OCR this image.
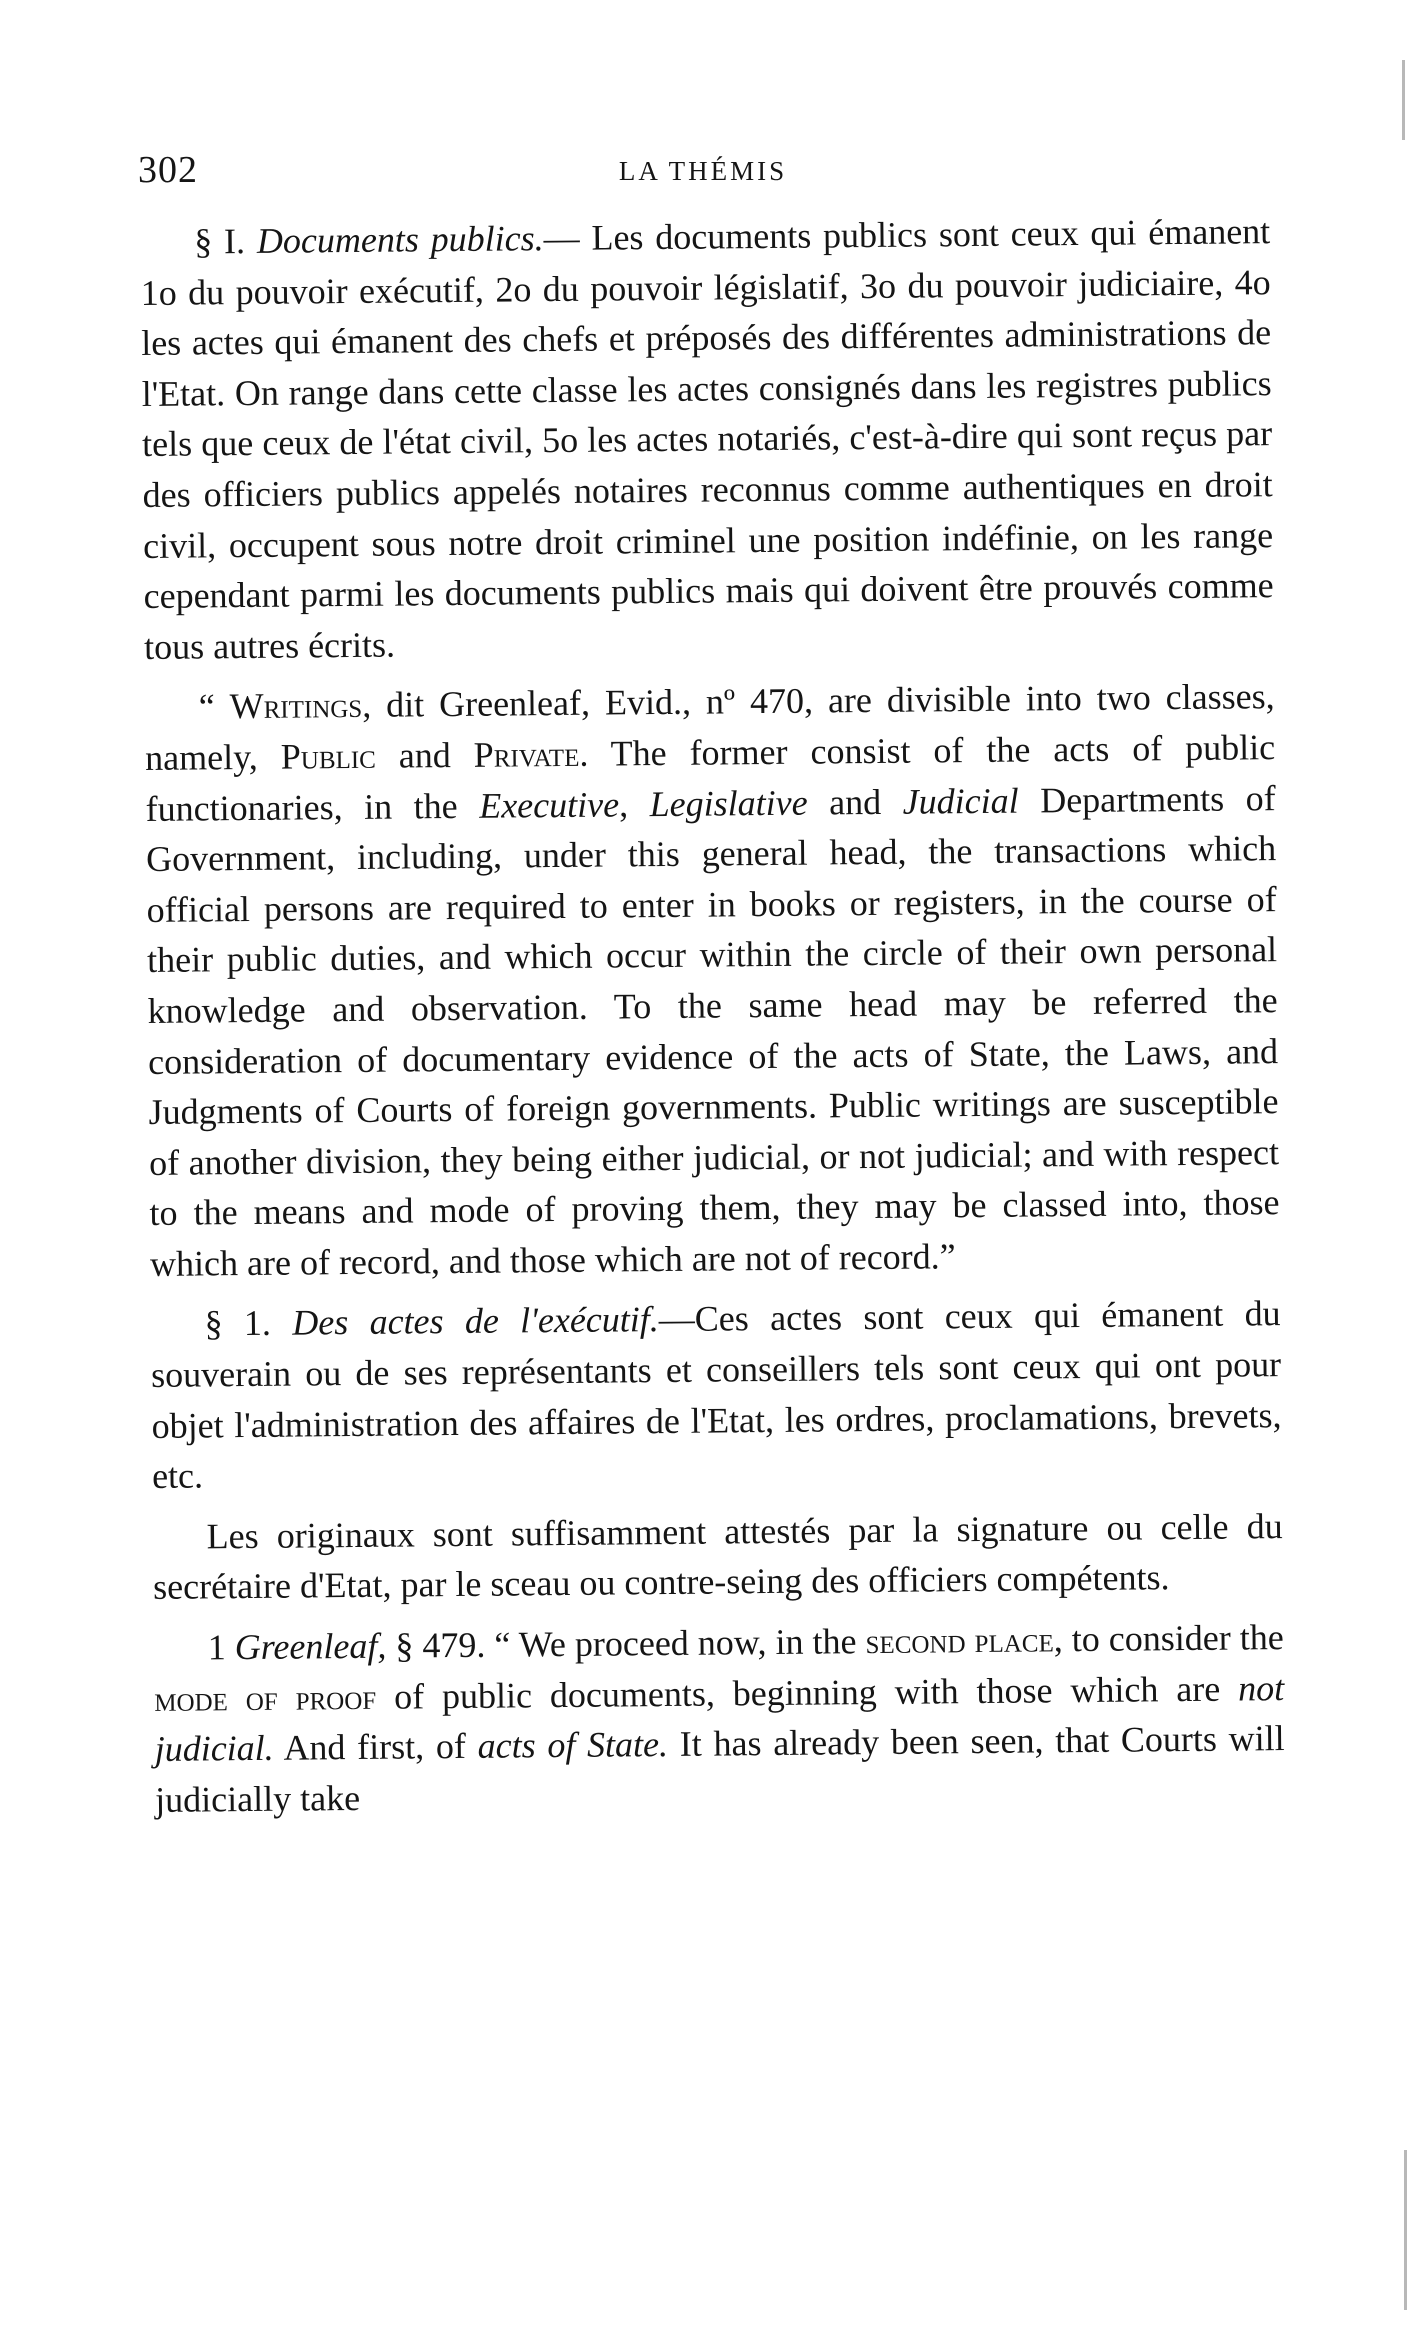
302	LA THÉMIS

§ I. Documents publics.— Les documents publics sont ceux qui émanent 1o du pouvoir exécutif, 2o du pouvoir législatif, 3o du pouvoir judiciaire, 4o les actes qui émanent des chefs et préposés des différentes administrations de l'Etat. On range dans cette classe les actes consignés dans les registres publics tels que ceux de l'état civil, 5o les actes notariés, c'est-à-dire qui sont reçus par des officiers publics appelés notaires reconnus comme authentiques en droit civil, occupent sous notre droit criminel une position indéfinie, on les range cependant parmi les documents publics mais qui doivent être prouvés comme tous autres écrits.

“ Writings, dit Greenleaf, Evid., nº 470, are divisible into two classes, namely, Public and Private. The former consist of the acts of public functionaries, in the Executive, Legislative and Judicial Departments of Government, including, under this general head, the transactions which official persons are required to enter in books or registers, in the course of their public duties, and which occur within the circle of their own personal knowledge and observation. To the same head may be referred the consideration of documentary evidence of the acts of State, the Laws, and Judgments of Courts of foreign governments. Public writings are susceptible of another division, they being either judicial, or not judicial; and with respect to the means and mode of proving them, they may be classed into, those which are of record, and those which are not of record.”

§ 1. Des actes de l'exécutif.—Ces actes sont ceux qui émanent du souverain ou de ses représentants et conseillers tels sont ceux qui ont pour objet l'administration des affaires de l'Etat, les ordres, proclamations, brevets, etc.

Les originaux sont suffisamment attestés par la signature ou celle du secrétaire d'Etat, par le sceau ou contre-seing des officiers compétents.

1 Greenleaf, § 479. “ We proceed now, in the second place, to consider the mode of proof of public documents, beginning with those which are not judicial. And first, of acts of State. It has already been seen, that Courts will judicially take
